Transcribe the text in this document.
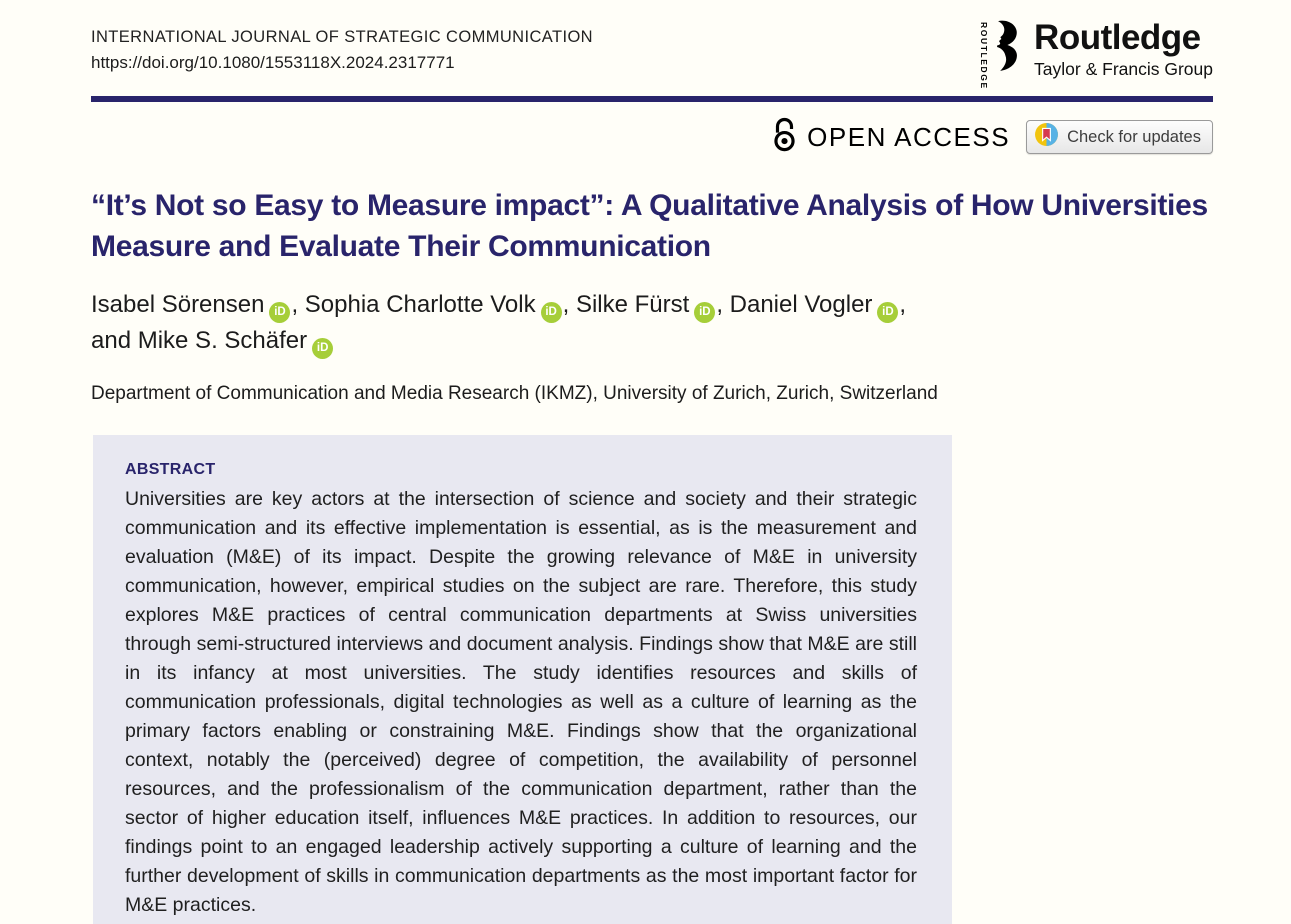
INTERNATIONAL JOURNAL OF STRATEGIC COMMUNICATION
https://doi.org/10.1080/1553118X.2024.2317771	ROUTLEDGE Routledge
Taylor & Francis Group
OPEN ACCESS	Check for updates
“It’s Not so Easy to Measure impact”: A Qualitative Analysis of How Universities Measure and Evaluate Their Communication
Isabel Sörensen iD , Sophia Charlotte Volk iD , Silke Fürst iD , Daniel Vogler iD ,
and Mike S. Schäfer iD
Department of Communication and Media Research (IKMZ), University of Zurich, Zurich, Switzerland
ABSTRACT

Universities are key actors at the intersection of science and society and their strategic communication and its effective implementation is essential, as is the measurement and evaluation (M&E) of its impact. Despite the growing relevance of M&E in university communication, however, empirical studies on the subject are rare. Therefore, this study explores M&E practices of central communication departments at Swiss universities through semi-structured interviews and document analysis. Findings show that M&E are still in its infancy at most universities. The study identifies resources and skills of communication professionals, digital technologies as well as a culture of learning as the primary factors enabling or constraining M&E. Findings show that the organizational context, notably the (perceived) degree of competition, the availability of personnel resources, and the professionalism of the communication department, rather than the sector of higher education itself, influences M&E practices. In addition to resources, our findings point to an engaged leadership actively supporting a culture of learning and the further development of skills in communication departments as the most important factor for M&E practices.
